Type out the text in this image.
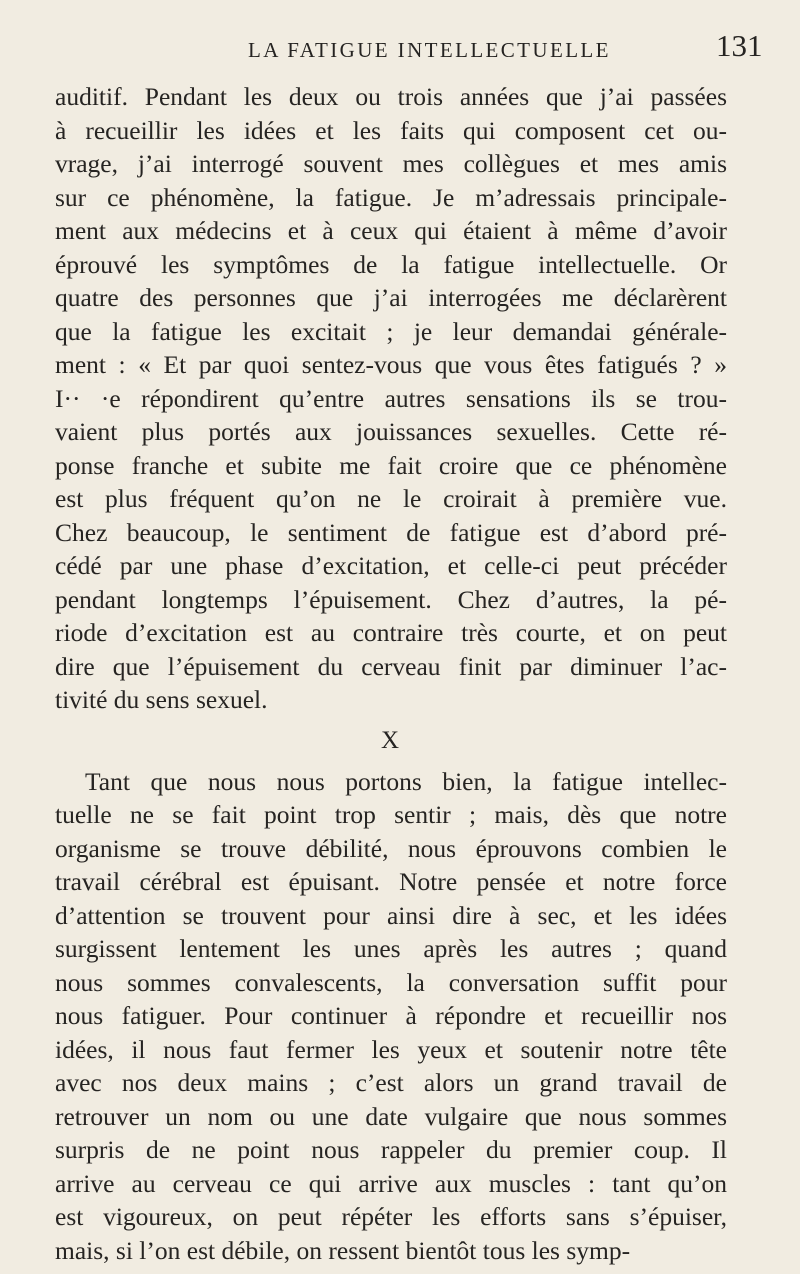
LA FATIGUE INTELLECTUELLE	131
auditif. Pendant les deux ou trois années que j’ai passées
à recueillir les idées et les faits qui composent cet ou-
vrage, j’ai interrogé souvent mes collègues et mes amis
sur ce phénomène, la fatigue. Je m’adressais principale-
ment aux médecins et à ceux qui étaient à même d’avoir
éprouvé les symptômes de la fatigue intellectuelle. Or
quatre des personnes que j’ai interrogées me déclarèrent
que la fatigue les excitait ; je leur demandai générale-
ment : « Et par quoi sentez-vous que vous êtes fatigués ? »
I·· ·e répondirent qu’entre autres sensations ils se trou-
vaient plus portés aux jouissances sexuelles. Cette ré-
ponse franche et subite me fait croire que ce phénomène
est plus fréquent qu’on ne le croirait à première vue.
Chez beaucoup, le sentiment de fatigue est d’abord pré-
cédé par une phase d’excitation, et celle-ci peut précéder
pendant longtemps l’épuisement. Chez d’autres, la pé-
riode d’excitation est au contraire très courte, et on peut
dire que l’épuisement du cerveau finit par diminuer l’ac-
tivité du sens sexuel.
X
Tant que nous nous portons bien, la fatigue intellec-
tuelle ne se fait point trop sentir ; mais, dès que notre
organisme se trouve débilité, nous éprouvons combien le
travail cérébral est épuisant. Notre pensée et notre force
d’attention se trouvent pour ainsi dire à sec, et les idées
surgissent lentement les unes après les autres ; quand
nous sommes convalescents, la conversation suffit pour
nous fatiguer. Pour continuer à répondre et recueillir nos
idées, il nous faut fermer les yeux et soutenir notre tête
avec nos deux mains ; c’est alors un grand travail de
retrouver un nom ou une date vulgaire que nous sommes
surpris de ne point nous rappeler du premier coup. Il
arrive au cerveau ce qui arrive aux muscles : tant qu’on
est vigoureux, on peut répéter les efforts sans s’épuiser,
mais, si l’on est débile, on ressent bientôt tous les symp-
